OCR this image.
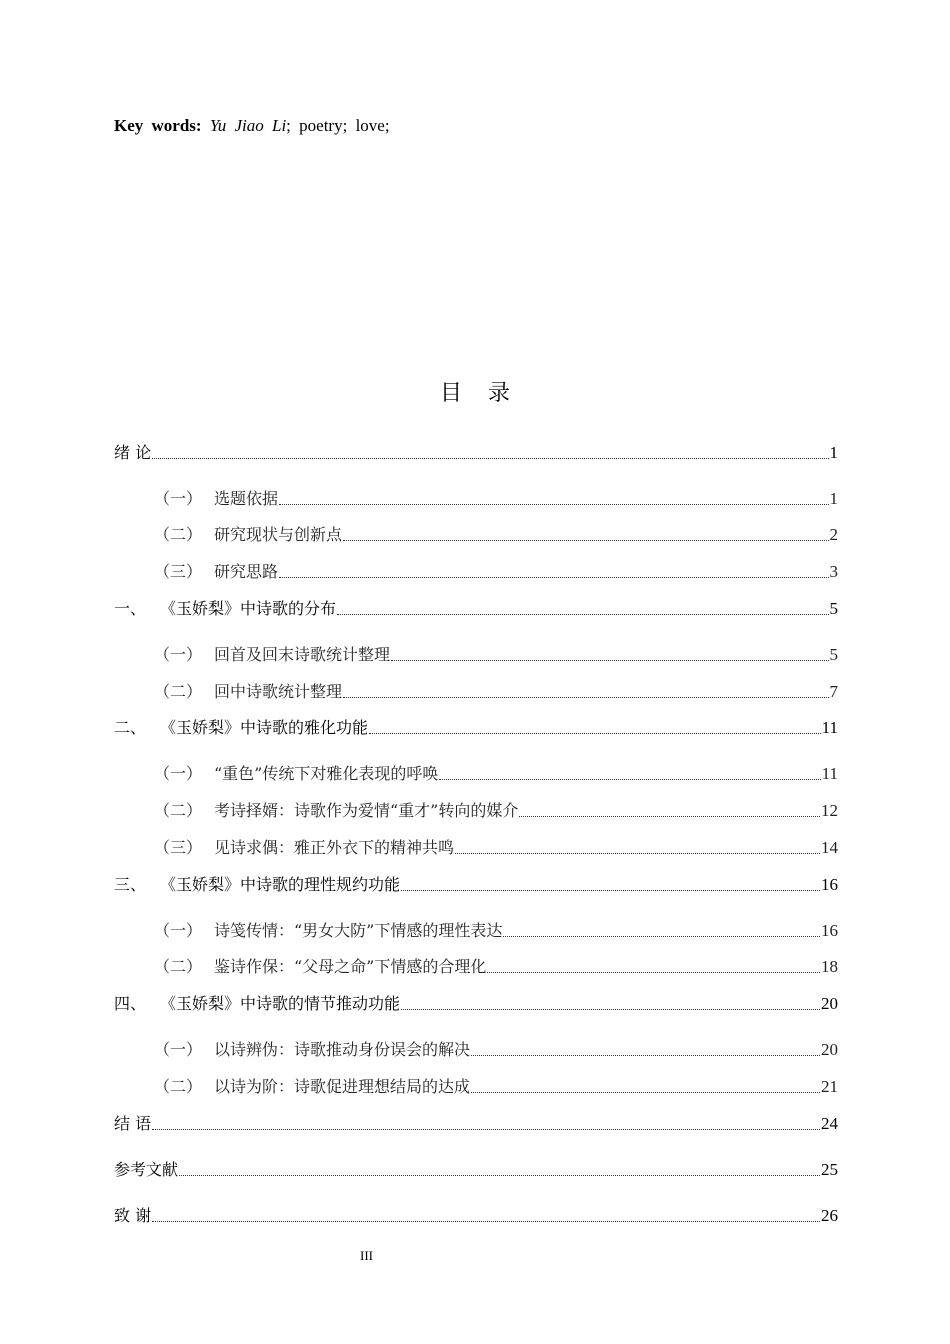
Key words: Yu Jiao Li; poetry; love;
目录
绪 论	1
（一） 选题依据	1
（二） 研究现状与创新点	2
（三） 研究思路	3
一、 《玉娇梨》中诗歌的分布	5
（一） 回首及回末诗歌统计整理	5
（二） 回中诗歌统计整理	7
二、 《玉娇梨》中诗歌的雅化功能	11
（一） “重色”传统下对雅化表现的呼唤	11
（二） 考诗择婿：诗歌作为爱情“重才”转向的媒介	12
（三） 见诗求偶：雅正外衣下的精神共鸣	14
三、 《玉娇梨》中诗歌的理性规约功能	16
（一） 诗笺传情：“男女大防”下情感的理性表达	16
（二） 鉴诗作保：“父母之命”下情感的合理化	18
四、 《玉娇梨》中诗歌的情节推动功能	20
（一） 以诗辨伪：诗歌推动身份误会的解决	20
（二） 以诗为阶：诗歌促进理想结局的达成	21
结 语	24
参考文献	25
致 谢	26
III
